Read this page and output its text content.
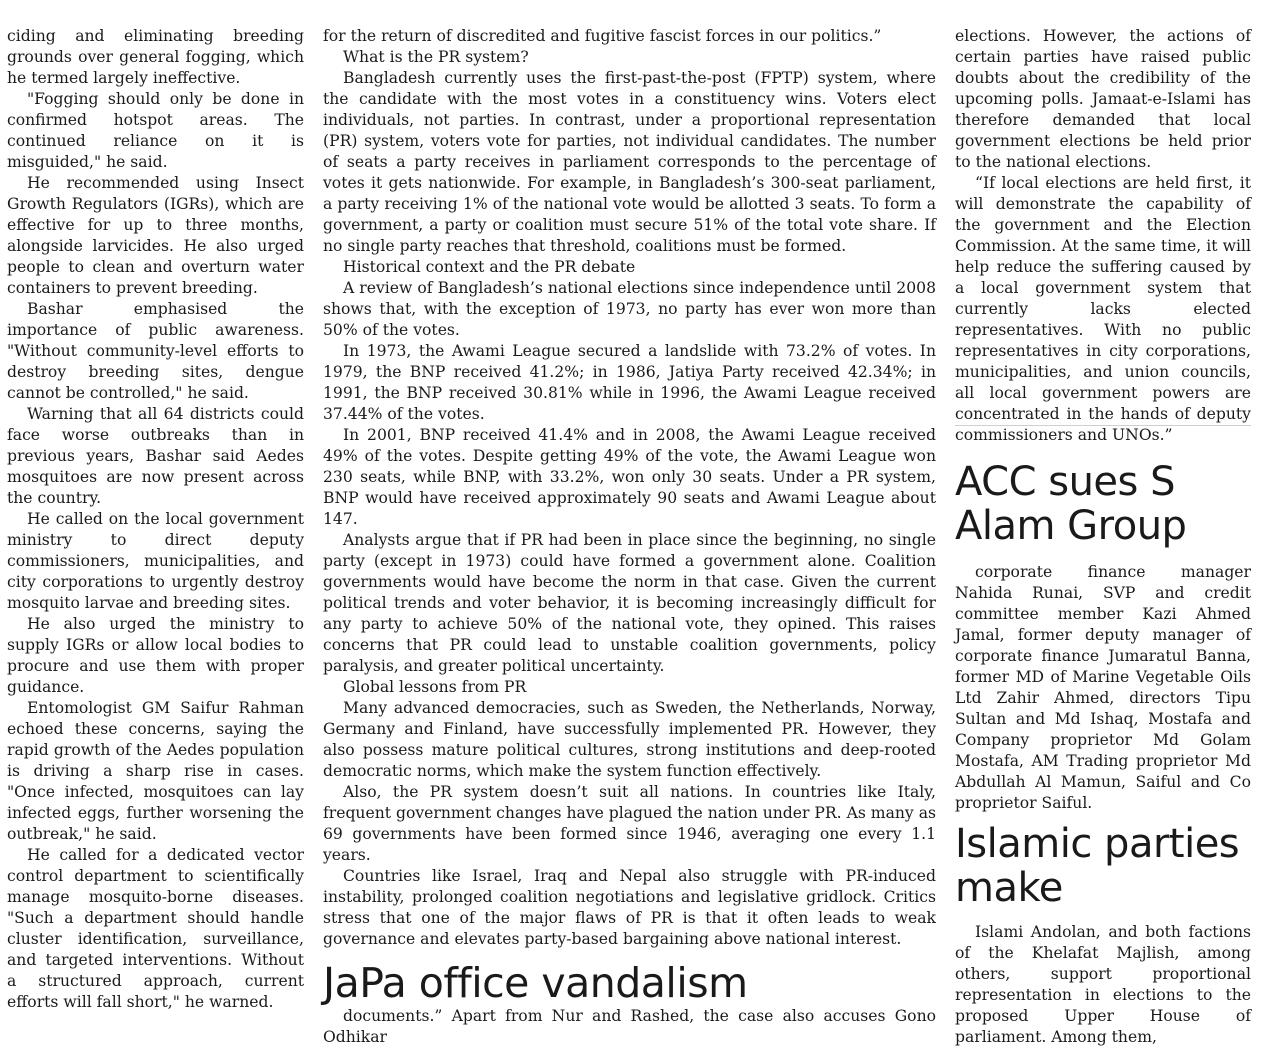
ciding and eliminating breeding grounds over general fogging, which he termed largely ineffective.

"Fogging should only be done in confirmed hotspot areas. The continued reliance on it is misguided," he said.

He recommended using Insect Growth Regulators (IGRs), which are effective for up to three months, alongside larvicides. He also urged people to clean and overturn water containers to prevent breeding.

Bashar emphasised the importance of public awareness. "Without community-level efforts to destroy breeding sites, dengue cannot be controlled," he said.

Warning that all 64 districts could face worse outbreaks than in previous years, Bashar said Aedes mosquitoes are now present across the country.

He called on the local government ministry to direct deputy commissioners, municipalities, and city corporations to urgently destroy mosquito larvae and breeding sites.

He also urged the ministry to supply IGRs or allow local bodies to procure and use them with proper guidance.

Entomologist GM Saifur Rahman echoed these concerns, saying the rapid growth of the Aedes population is driving a sharp rise in cases. "Once infected, mosquitoes can lay infected eggs, further worsening the outbreak," he said.

He called for a dedicated vector control department to scientifically manage mosquito-borne diseases. "Such a department should handle cluster identification, surveillance, and targeted interventions. Without a structured approach, current efforts will fall short," he warned.

for the return of discredited and fugitive fascist forces in our politics.”

What is the PR system?

Bangladesh currently uses the first-past-the-post (FPTP) system, where the candidate with the most votes in a constituency wins. Voters elect individuals, not parties. In contrast, under a proportional representation (PR) system, voters vote for parties, not individual candidates. The number of seats a party receives in parliament corresponds to the percentage of votes it gets nationwide. For example, in Bangladesh’s 300-seat parliament, a party receiving 1% of the national vote would be allotted 3 seats. To form a government, a party or coalition must secure 51% of the total vote share. If no single party reaches that threshold, coalitions must be formed.

Historical context and the PR debate

A review of Bangladesh’s national elections since independence until 2008 shows that, with the exception of 1973, no party has ever won more than 50% of the votes.

In 1973, the Awami League secured a landslide with 73.2% of votes. In 1979, the BNP received 41.2%; in 1986, Jatiya Party received 42.34%; in 1991, the BNP received 30.81% while in 1996, the Awami League received 37.44% of the votes.

In 2001, BNP received 41.4% and in 2008, the Awami League received 49% of the votes. Despite getting 49% of the vote, the Awami League won 230 seats, while BNP, with 33.2%, won only 30 seats. Under a PR system, BNP would have received approximately 90 seats and Awami League about 147.

Analysts argue that if PR had been in place since the beginning, no single party (except in 1973) could have formed a government alone. Coalition governments would have become the norm in that case. Given the current political trends and voter behavior, it is becoming increasingly difficult for any party to achieve 50% of the national vote, they opined. This raises concerns that PR could lead to unstable coalition governments, policy paralysis, and greater political uncertainty.

Global lessons from PR

Many advanced democracies, such as Sweden, the Netherlands, Norway, Germany and Finland, have successfully implemented PR. However, they also possess mature political cultures, strong institutions and deep-rooted democratic norms, which make the system function effectively.

Also, the PR system doesn’t suit all nations. In countries like Italy, frequent government changes have plagued the nation under PR. As many as 69 governments have been formed since 1946, averaging one every 1.1 years.

Countries like Israel, Iraq and Nepal also struggle with PR-induced instability, prolonged coalition negotiations and legislative gridlock. Critics stress that one of the major flaws of PR is that it often leads to weak governance and elevates party-based bargaining above national interest.

JaPa office vandalism

documents.” Apart from Nur and Rashed, the case also accuses Gono Odhikar

elections. However, the actions of certain parties have raised public doubts about the credibility of the upcoming polls. Jamaat-e-Islami has therefore demanded that local government elections be held prior to the national elections.

“If local elections are held first, it will demonstrate the capability of the government and the Election Commission. At the same time, it will help reduce the suffering caused by a local government system that currently lacks elected representatives. With no public representatives in city corporations, municipalities, and union councils, all local government powers are concentrated in the hands of deputy commissioners and UNOs.”

ACC sues S Alam Group

corporate finance manager Nahida Runai, SVP and credit committee member Kazi Ahmed Jamal, former deputy manager of corporate finance Jumaratul Banna, former MD of Marine Vegetable Oils Ltd Zahir Ahmed, directors Tipu Sultan and Md Ishaq, Mostafa and Company proprietor Md Golam Mostafa, AM Trading proprietor Md Abdullah Al Mamun, Saiful and Co proprietor Saiful.

Islamic parties make

Islami Andolan, and both factions of the Khelafat Majlish, among others, support proportional representation in elections to the proposed Upper House of parliament. Among them,
